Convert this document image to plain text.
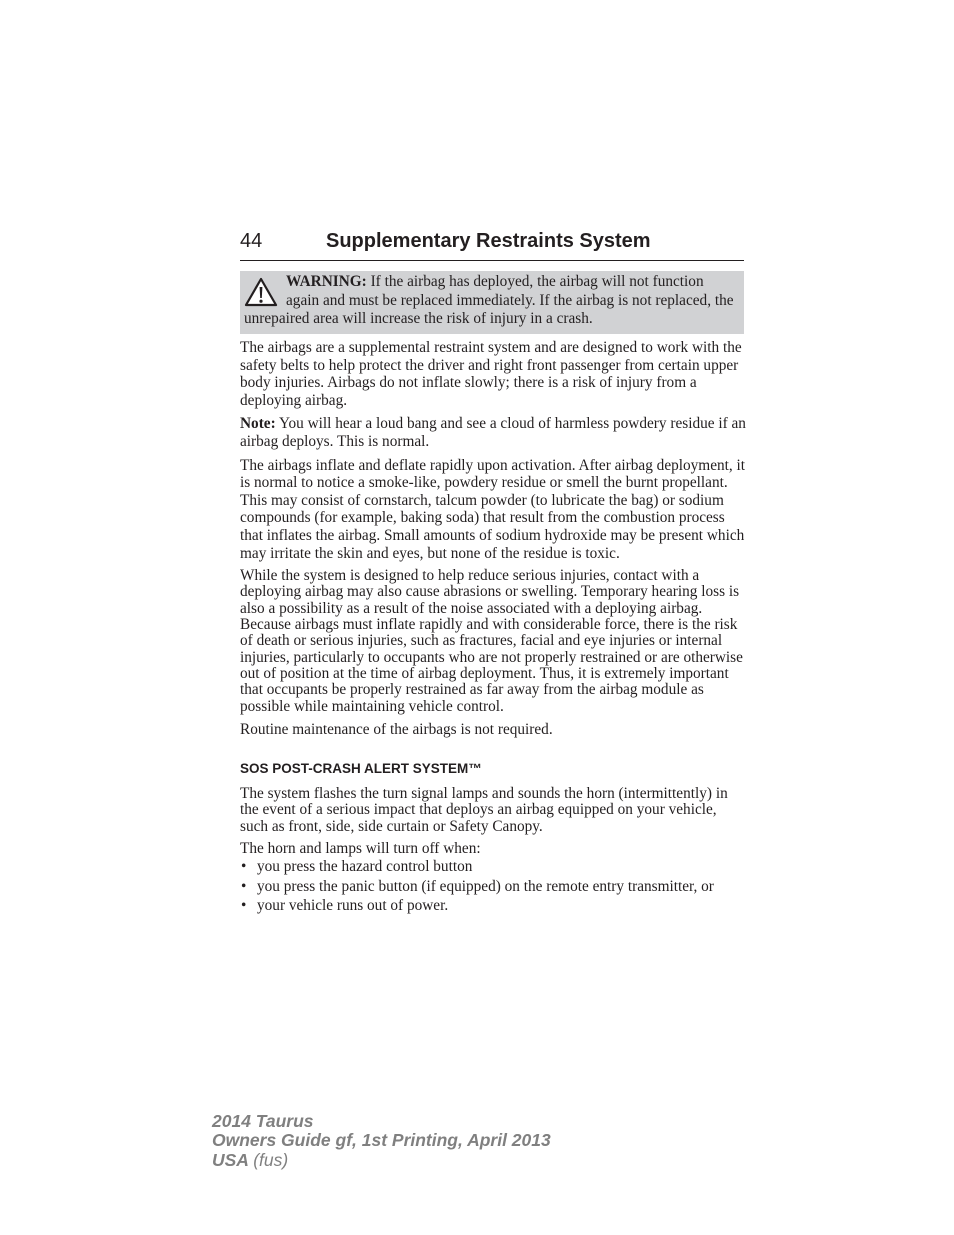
44	Supplementary Restraints System
WARNING: If the airbag has deployed, the airbag will not function again and must be replaced immediately. If the airbag is not replaced, the unrepaired area will increase the risk of injury in a crash.

The airbags are a supplemental restraint system and are designed to work with the safety belts to help protect the driver and right front passenger from certain upper body injuries. Airbags do not inflate slowly; there is a risk of injury from a deploying airbag.

Note: You will hear a loud bang and see a cloud of harmless powdery residue if an airbag deploys. This is normal.

The airbags inflate and deflate rapidly upon activation. After airbag deployment, it is normal to notice a smoke-like, powdery residue or smell the burnt propellant. This may consist of cornstarch, talcum powder (to lubricate the bag) or sodium compounds (for example, baking soda) that result from the combustion process that inflates the airbag. Small amounts of sodium hydroxide may be present which may irritate the skin and eyes, but none of the residue is toxic.

While the system is designed to help reduce serious injuries, contact with a deploying airbag may also cause abrasions or swelling. Temporary hearing loss is also a possibility as a result of the noise associated with a deploying airbag. Because airbags must inflate rapidly and with considerable force, there is the risk of death or serious injuries, such as fractures, facial and eye injuries or internal injuries, particularly to occupants who are not properly restrained or are otherwise out of position at the time of airbag deployment. Thus, it is extremely important that occupants be properly restrained as far away from the airbag module as possible while maintaining vehicle control.

Routine maintenance of the airbags is not required.

SOS POST-CRASH ALERT SYSTEM™

The system flashes the turn signal lamps and sounds the horn (intermittently) in the event of a serious impact that deploys an airbag equipped on your vehicle, such as front, side, side curtain or Safety Canopy.

The horn and lamps will turn off when:

• you press the hazard control button
• you press the panic button (if equipped) on the remote entry transmitter, or
• your vehicle runs out of power.
2014 Taurus
Owners Guide gf, 1st Printing, April 2013
USA (fus)
